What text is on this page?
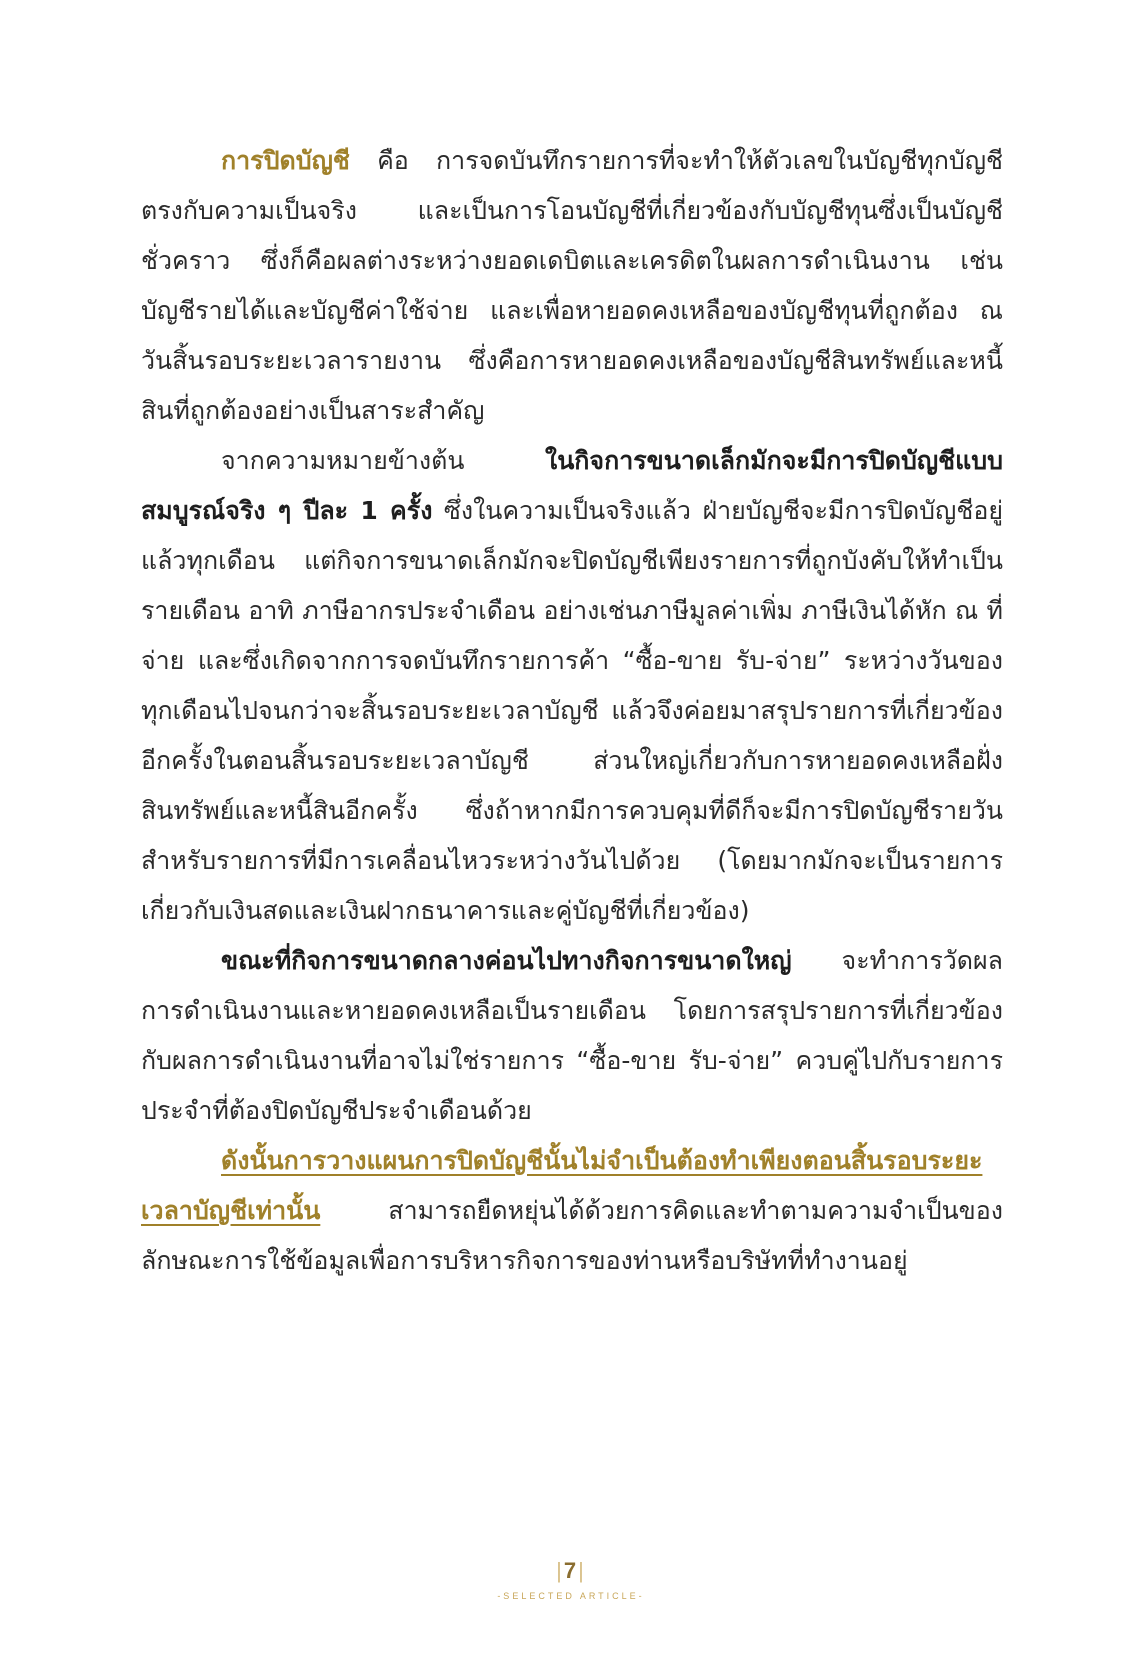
การปิดบัญชี คือ การจดบันทึกรายการที่จะทำให้ตัวเลขในบัญชีทุกบัญชีตรงกับความเป็นจริง และเป็นการโอนบัญชีที่เกี่ยวข้องกับบัญชีทุนซึ่งเป็นบัญชีชั่วคราว ซึ่งก็คือผลต่างระหว่างยอดเดบิตและเครดิตในผลการดำเนินงาน เช่น บัญชีรายได้และบัญชีค่าใช้จ่าย และเพื่อหายอดคงเหลือของบัญชีทุนที่ถูกต้อง ณ วันสิ้นรอบระยะเวลารายงาน ซึ่งคือการหายอดคงเหลือของบัญชีสินทรัพย์และหนี้สินที่ถูกต้องอย่างเป็นสาระสำคัญ

จากความหมายข้างต้น ในกิจการขนาดเล็กมักจะมีการปิดบัญชีแบบสมบูรณ์จริง ๆ ปีละ 1 ครั้ง ซึ่งในความเป็นจริงแล้ว ฝ่ายบัญชีจะมีการปิดบัญชีอยู่แล้วทุกเดือน แต่กิจการขนาดเล็กมักจะปิดบัญชีเพียงรายการที่ถูกบังคับให้ทำเป็นรายเดือน อาทิ ภาษีอากรประจำเดือน อย่างเช่นภาษีมูลค่าเพิ่ม ภาษีเงินได้หัก ณ ที่จ่าย และซึ่งเกิดจากการจดบันทึกรายการค้า “ซื้อ-ขาย รับ-จ่าย” ระหว่างวันของทุกเดือนไปจนกว่าจะสิ้นรอบระยะเวลาบัญชี แล้วจึงค่อยมาสรุปรายการที่เกี่ยวข้องอีกครั้งในตอนสิ้นรอบระยะเวลาบัญชี ส่วนใหญ่เกี่ยวกับการหายอดคงเหลือฝั่งสินทรัพย์และหนี้สินอีกครั้ง ซึ่งถ้าหากมีการควบคุมที่ดีก็จะมีการปิดบัญชีรายวันสำหรับรายการที่มีการเคลื่อนไหวระหว่างวันไปด้วย (โดยมากมักจะเป็นรายการเกี่ยวกับเงินสดและเงินฝากธนาคารและคู่บัญชีที่เกี่ยวข้อง)

ขณะที่กิจการขนาดกลางค่อนไปทางกิจการขนาดใหญ่ จะทำการวัดผลการดำเนินงานและหายอดคงเหลือเป็นรายเดือน โดยการสรุปรายการที่เกี่ยวข้องกับผลการดำเนินงานที่อาจไม่ใช่รายการ “ซื้อ-ขาย รับ-จ่าย” ควบคู่ไปกับรายการประจำที่ต้องปิดบัญชีประจำเดือนด้วย

ดังนั้นการวางแผนการปิดบัญชีนั้นไม่จำเป็นต้องทำเพียงตอนสิ้นรอบระยะเวลาบัญชีเท่านั้น สามารถยืดหยุ่นได้ด้วยการคิดและทำตามความจำเป็นของลักษณะการใช้ข้อมูลเพื่อการบริหารกิจการของท่านหรือบริษัทที่ทำงานอยู่

|7|
-SELECTED ARTICLE-
